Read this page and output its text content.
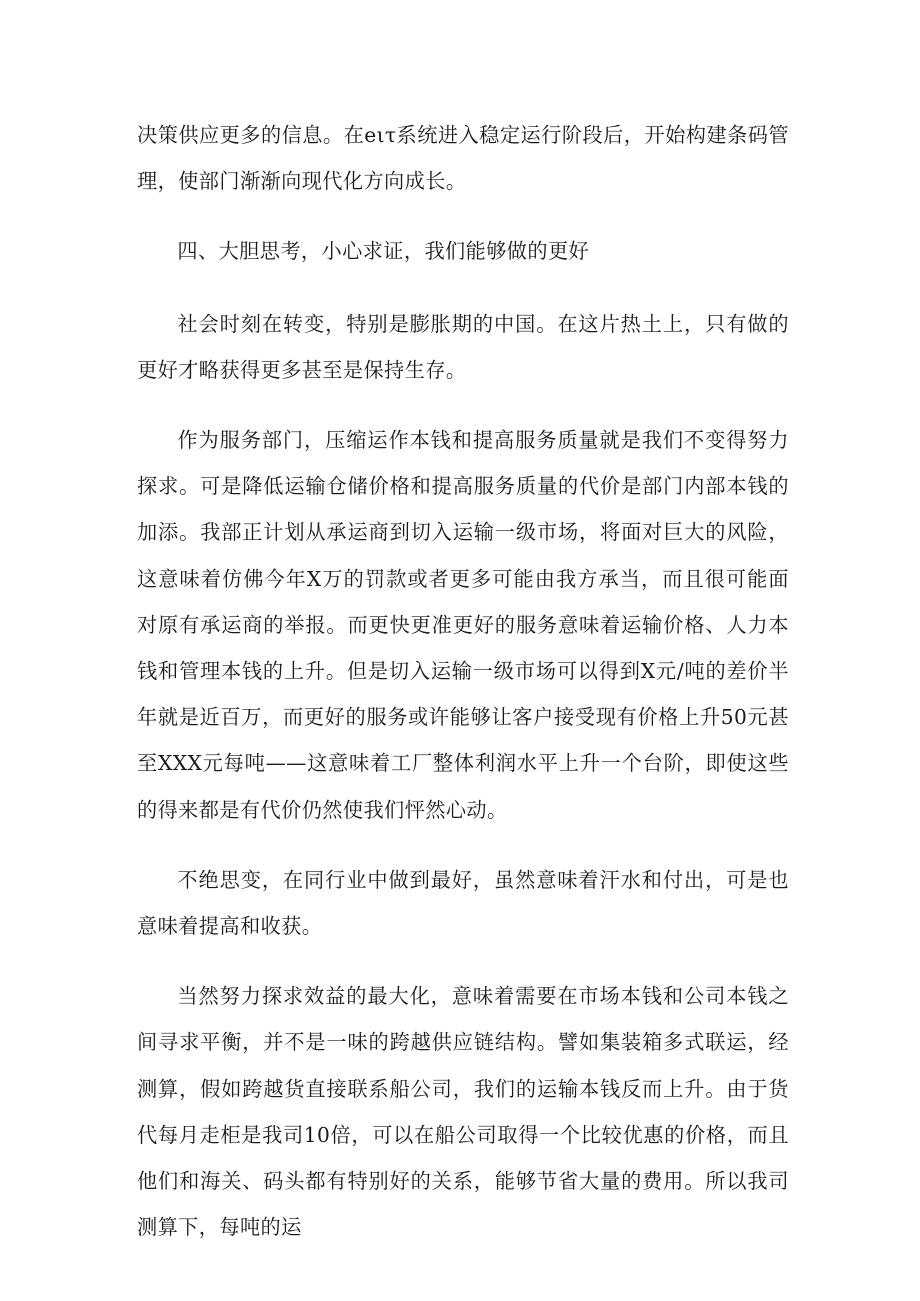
决策供应更多的信息。在eιτ系统进入稳定运行阶段后，开始构建条码管理，使部门渐渐向现代化方向成长。

四、大胆思考，小心求证，我们能够做的更好

社会时刻在转变，特别是膨胀期的中国。在这片热土上，只有做的更好才略获得更多甚至是保持生存。

作为服务部门，压缩运作本钱和提高服务质量就是我们不变得努力探求。可是降低运输仓储价格和提高服务质量的代价是部门内部本钱的加添。我部正计划从承运商到切入运输一级市场，将面对巨大的风险，这意味着仿佛今年X万的罚款或者更多可能由我方承当，而且很可能面对原有承运商的举报。而更快更准更好的服务意味着运输价格、人力本钱和管理本钱的上升。但是切入运输一级市场可以得到X元/吨的差价半年就是近百万，而更好的服务或许能够让客户接受现有价格上升50元甚至XXX元每吨——这意味着工厂整体利润水平上升一个台阶，即使这些的得来都是有代价仍然使我们怦然心动。

不绝思变，在同行业中做到最好，虽然意味着汗水和付出，可是也意味着提高和收获。

当然努力探求效益的最大化，意味着需要在市场本钱和公司本钱之间寻求平衡，并不是一味的跨越供应链结构。譬如集装箱多式联运，经测算，假如跨越货直接联系船公司，我们的运输本钱反而上升。由于货代每月走柜是我司10倍，可以在船公司取得一个比较优惠的价格，而且他们和海关、码头都有特别好的关系，能够节省大量的费用。所以我司测算下，每吨的运
